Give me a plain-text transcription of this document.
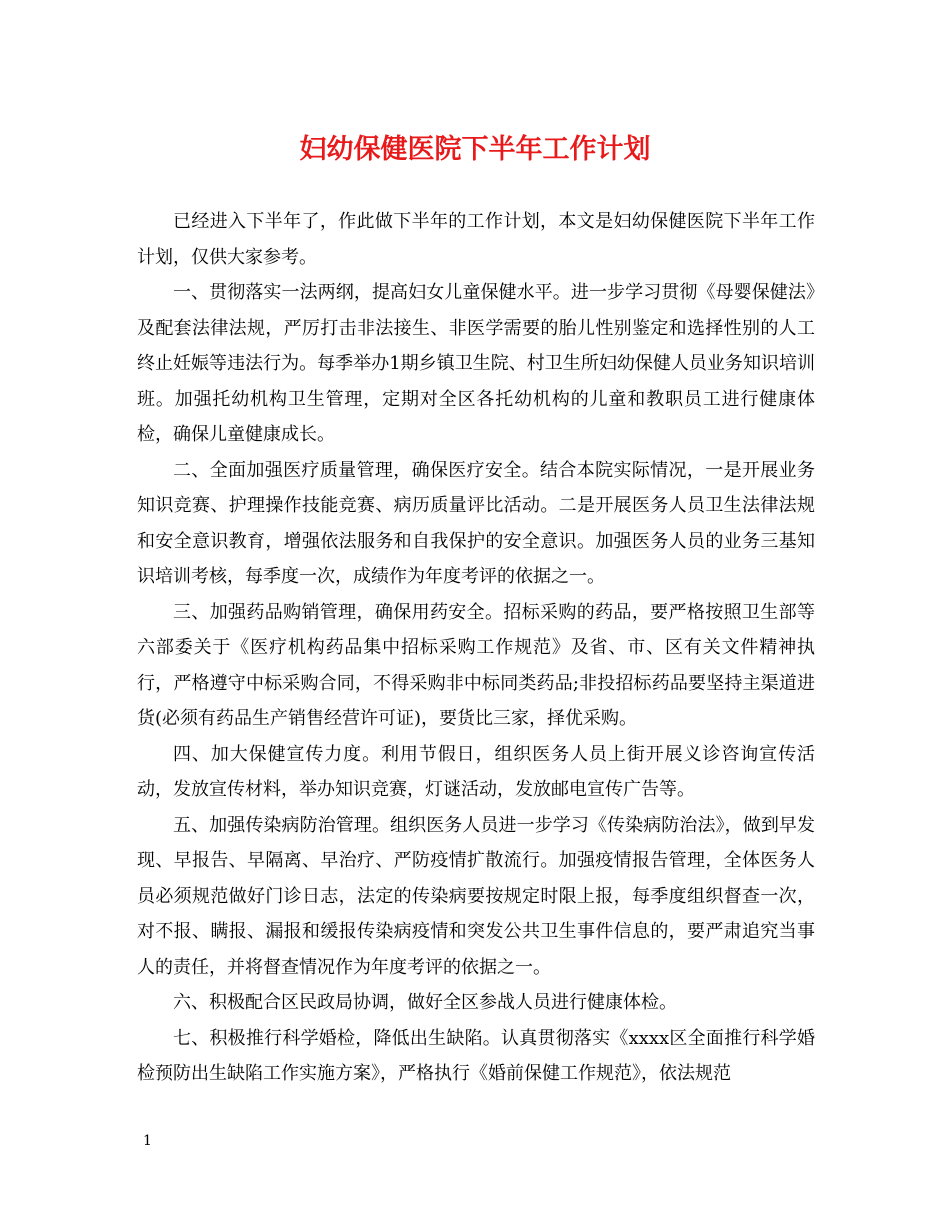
妇幼保健医院下半年工作计划

已经进入下半年了，作此做下半年的工作计划，本文是妇幼保健医院下半年工作计划，仅供大家参考。

一、贯彻落实一法两纲，提高妇女儿童保健水平。进一步学习贯彻《母婴保健法》及配套法律法规，严厉打击非法接生、非医学需要的胎儿性别鉴定和选择性别的人工终止妊娠等违法行为。每季举办1期乡镇卫生院、村卫生所妇幼保健人员业务知识培训班。加强托幼机构卫生管理，定期对全区各托幼机构的儿童和教职员工进行健康体检，确保儿童健康成长。

二、全面加强医疗质量管理，确保医疗安全。结合本院实际情况，一是开展业务知识竞赛、护理操作技能竞赛、病历质量评比活动。二是开展医务人员卫生法律法规和安全意识教育，增强依法服务和自我保护的安全意识。加强医务人员的业务三基知识培训考核，每季度一次，成绩作为年度考评的依据之一。

三、加强药品购销管理，确保用药安全。招标采购的药品，要严格按照卫生部等六部委关于《医疗机构药品集中招标采购工作规范》及省、市、区有关文件精神执行，严格遵守中标采购合同，不得采购非中标同类药品;非投招标药品要坚持主渠道进货(必须有药品生产销售经营许可证)，要货比三家，择优采购。

四、加大保健宣传力度。利用节假日，组织医务人员上街开展义诊咨询宣传活动，发放宣传材料，举办知识竞赛，灯谜活动，发放邮电宣传广告等。

五、加强传染病防治管理。组织医务人员进一步学习《传染病防治法》，做到早发现、早报告、早隔离、早治疗、严防疫情扩散流行。加强疫情报告管理，全体医务人员必须规范做好门诊日志，法定的传染病要按规定时限上报，每季度组织督查一次，对不报、瞒报、漏报和缓报传染病疫情和突发公共卫生事件信息的，要严肃追究当事人的责任，并将督查情况作为年度考评的依据之一。

六、积极配合区民政局协调，做好全区参战人员进行健康体检。

七、积极推行科学婚检，降低出生缺陷。认真贯彻落实《xxxx区全面推行科学婚检预防出生缺陷工作实施方案》，严格执行《婚前保健工作规范》，依法规范

1
